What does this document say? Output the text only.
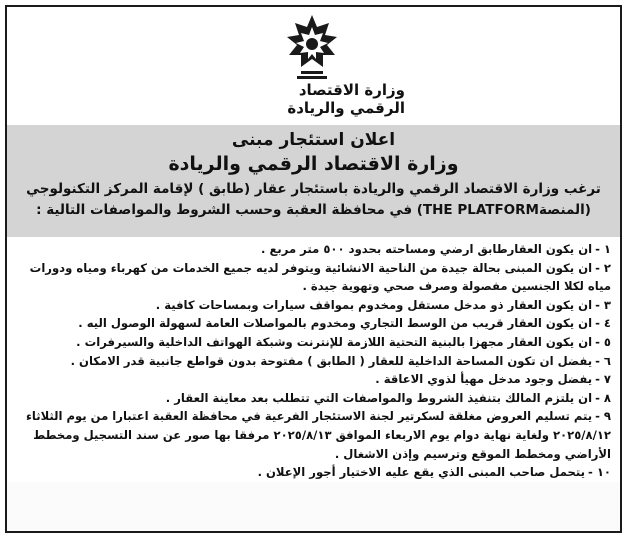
وزارة الاقتصاد
الرقمي والريادة
اعلان استئجار مبنى
وزارة الاقتصاد الرقمي والريادة
ترغب وزارة الاقتصاد الرقمي والريادة باستئجار عقار (طابق ) لإقامة المركز التكنولوجي
(المنصةTHE PLATFORM) في محافظة العقبة وحسب الشروط والمواصفات التالية :

١ -ان يكون العقارطابق ارضي ومساحته بحدود ٥٠٠ متر مربع .

٢ -ان يكون المبنى بحالة جيدة من الناحية الانشائية ويتوفر لديه جميع الخدمات من كهرباء ومياه ودورات مياه لكلا الجنسين مفصولة وصرف صحي وتهوية جيدة .

٣ -ان يكون العقار ذو مدخل مستقل ومخدوم بمواقف سيارات وبمساحات كافية .

٤ -ان يكون العقار قريب من الوسط التجاري ومخدوم بالمواصلات العامة لسهولة الوصول اليه .

٥ -ان يكون العقار مجهزا بالبنية التحتية اللازمة للإنترنت وشبكة الهواتف الداخلية والسيرفرات .

٦ -يفضل ان تكون المساحة الداخلية للعقار ( الطابق ) مفتوحة بدون قواطع جانبية قدر الامكان .

٧ -يفضل وجود مدخل مهيأ لذوي الاعاقة .

٨ -ان يلتزم المالك بتنفيذ الشروط والمواصفات التي تتطلب بعد معاينة العقار .

٩ -يتم تسليم العروض مغلقة لسكرتير لجنة الاستئجار الفرعية في محافظة العقبة اعتبارا من يوم الثلاثاء ٢٠٢٥/٨/١٢ ولغاية نهاية دوام يوم الاربعاء الموافق ٢٠٢٥/٨/١٣ مرفقا بها صور عن سند التسجيل ومخطط الأراضي ومخطط الموقع وترسيم وإذن الاشغال .

١٠ -يتحمل صاحب المبنى الذي يقع عليه الاختيار أجور الإعلان .
